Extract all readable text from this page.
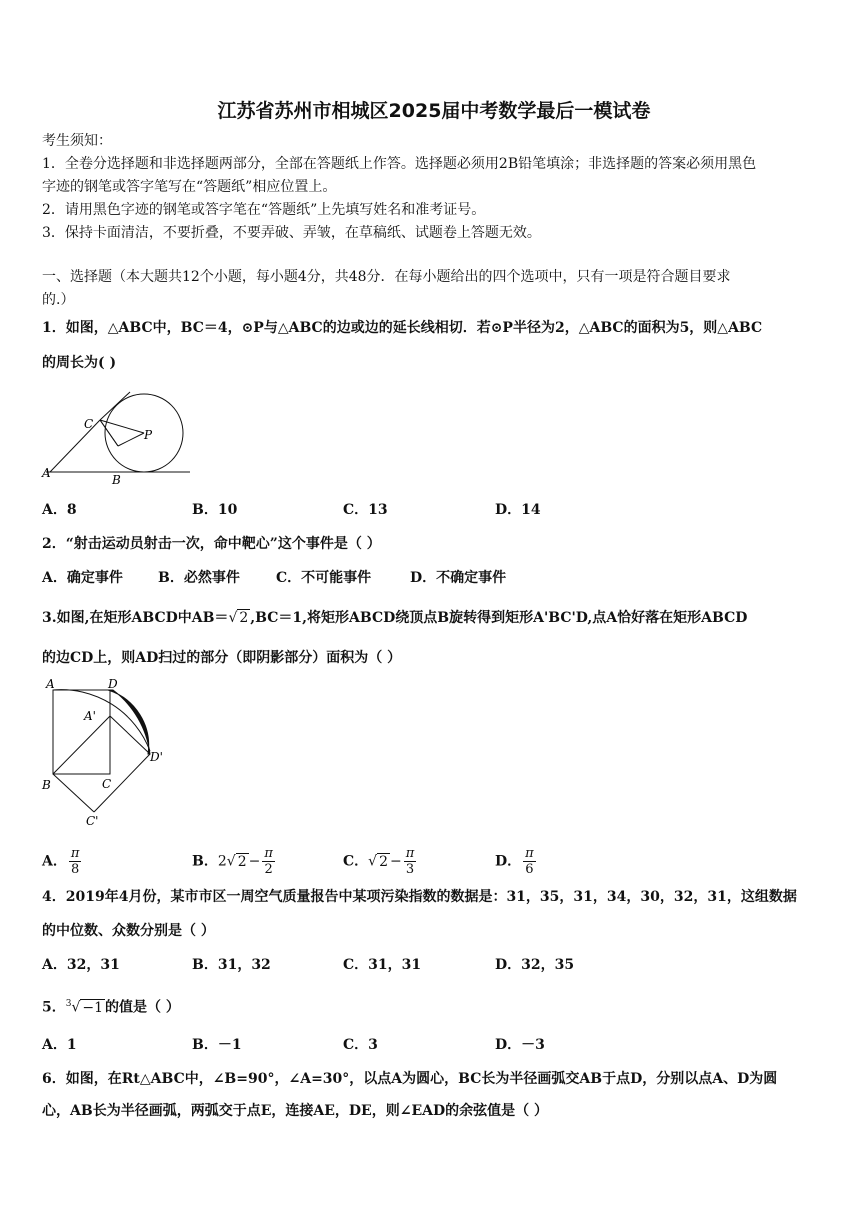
江苏省苏州市相城区2025届中考数学最后一模试卷
考生须知：
1．全卷分选择题和非选择题两部分，全部在答题纸上作答。选择题必须用2B铅笔填涂；非选择题的答案必须用黑色
字迹的钢笔或答字笔写在“答题纸”相应位置上。
2．请用黑色字迹的钢笔或答字笔在“答题纸”上先填写姓名和准考证号。
3．保持卡面清洁，不要折叠，不要弄破、弄皱，在草稿纸、试题卷上答题无效。
一、选择题（本大题共12个小题，每小题4分，共48分．在每小题给出的四个选项中，只有一项是符合题目要求
的.）
1．如图，△ABC中，BC＝4，⊙P与△ABC的边或边的延长线相切．若⊙P半径为2，△ABC的面积为5，则△ABC
的周长为( )
A	B
C
P
A．8	B．10	C．13	D．14
2．“射击运动员射击一次，命中靶心”这个事件是（ ）
A．确定事件	B．必然事件	C．不可能事件	D．不确定事件
3.如图,在矩形ABCD中AB＝√ 2 ,BC＝1,将矩形ABCD绕顶点B旋转得到矩形A'BC'D,点A恰好落在矩形ABCD
的边CD上，则AD扫过的部分（即阴影部分）面积为（ ）
A	D
A'
B	C
D'
C'
A． $\frac{\pi}{8}$	B．2√ $2 - \frac{\pi}{2}$	C．√ $2 - \frac{\pi}{3}$	D． $\frac{\pi}{6}$
4．2019年4月份，某市市区一周空气质量报告中某项污染指数的数据是：31，35，31，34，30，32，31，这组数据
的中位数、众数分别是（ ）
A．32，31	B．31，32	C．31，31	D．32，35
5．$^3$√ −1 的值是（ ）
A．1	B．－1	C．3	D．－3
6．如图，在Rt△ABC中，∠B=90°，∠A=30°，以点A为圆心，BC长为半径画弧交AB于点D，分别以点A、D为圆
心，AB长为半径画弧，两弧交于点E，连接AE，DE，则∠EAD的余弦值是（ ）
